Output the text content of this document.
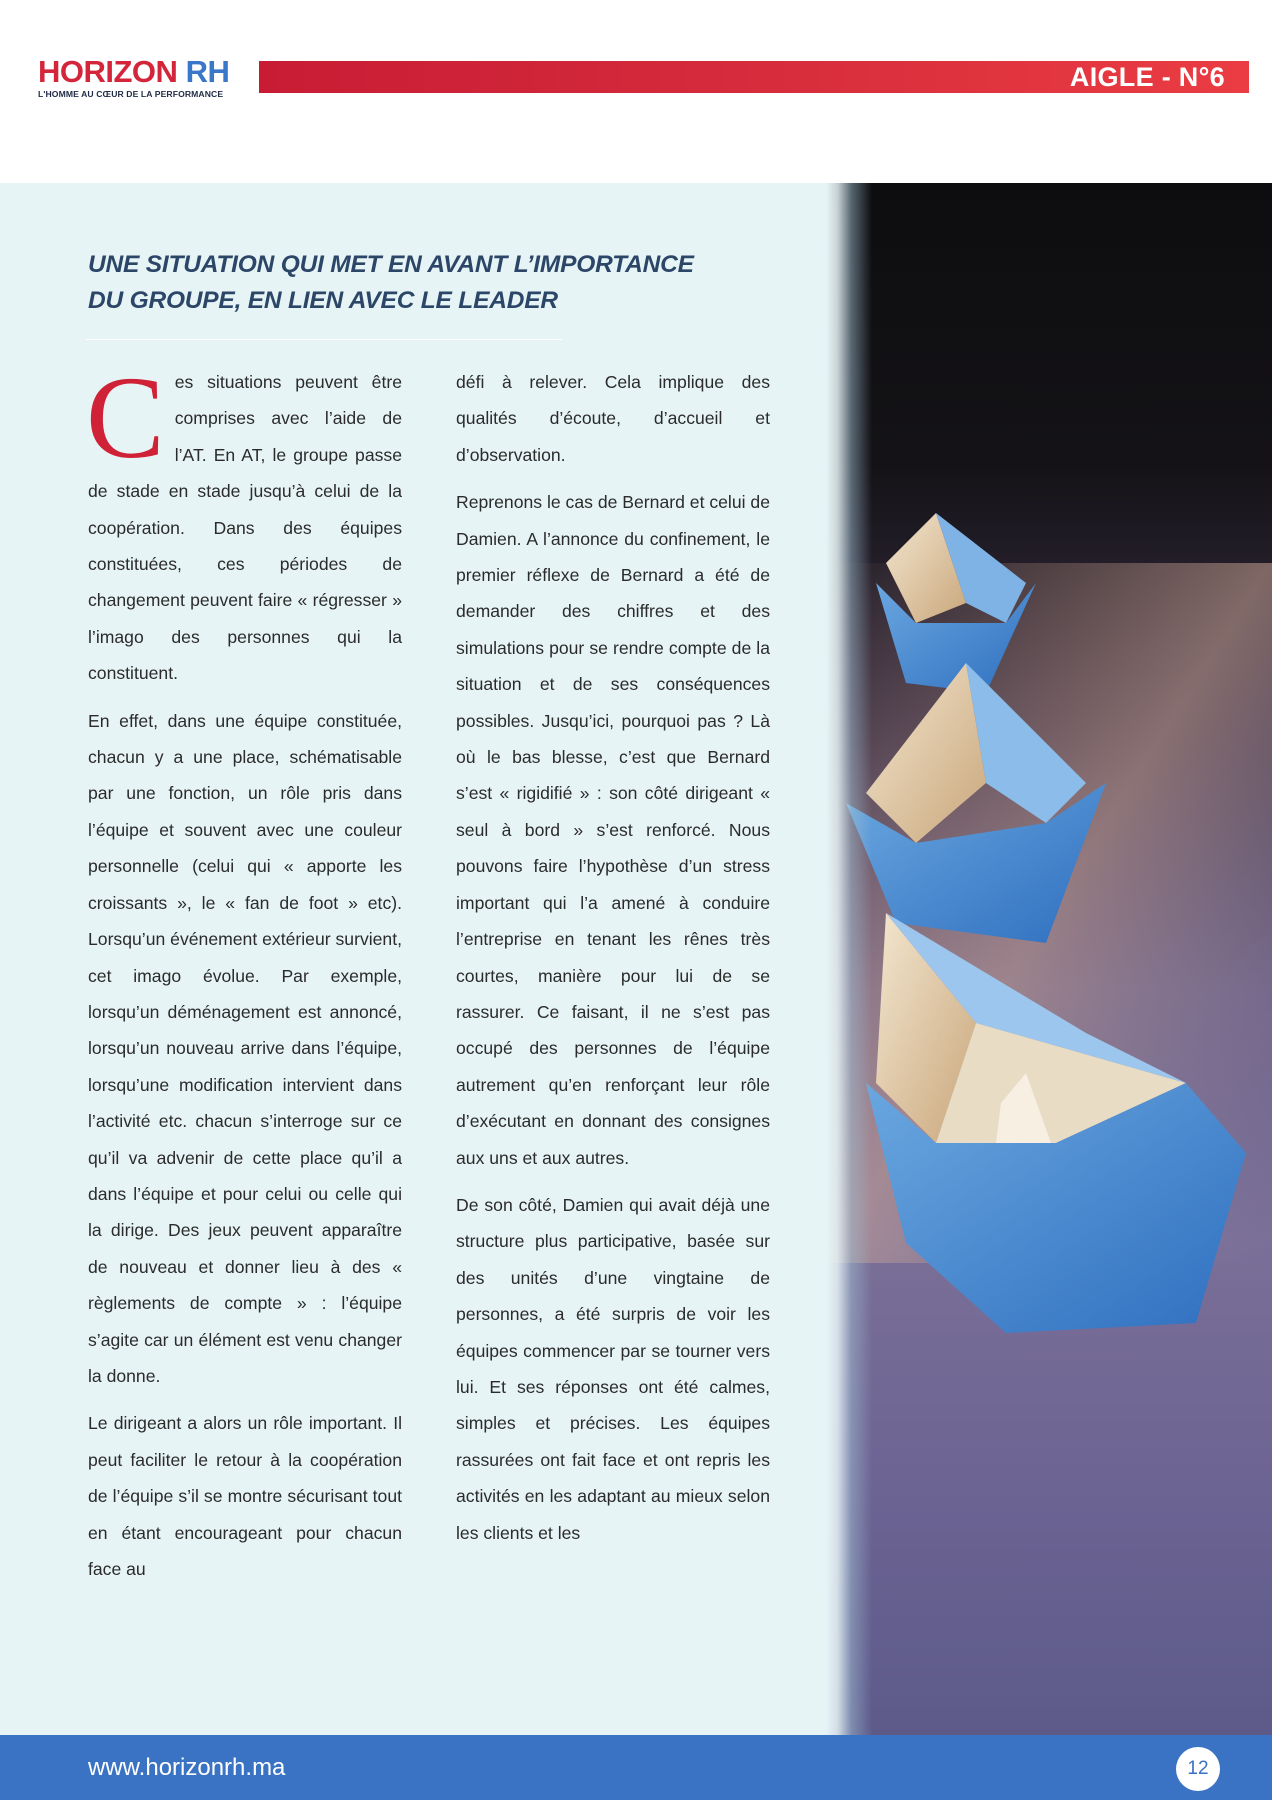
HORIZON RH
L'HOMME AU CŒUR DE LA PERFORMANCE
AIGLE - N°6
UNE SITUATION QUI MET EN AVANT L’IMPORTANCE
DU GROUPE, EN LIEN AVEC LE LEADER

Ces situations peuvent être comprises avec l’aide de l’AT. En AT, le groupe passe de stade en stade jusqu’à celui de la coopération. Dans des équipes constituées, ces périodes de changement peuvent faire « régresser » l’imago des personnes qui la constituent.

En effet, dans une équipe constituée, chacun y a une place, schématisable par une fonction, un rôle pris dans l’équipe et souvent avec une couleur personnelle (celui qui « apporte les croissants », le « fan de foot » etc). Lorsqu’un événement extérieur survient, cet imago évolue. Par exemple, lorsqu’un déménagement est annoncé, lorsqu’un nouveau arrive dans l’équipe, lorsqu’une modification intervient dans l’activité etc. chacun s’interroge sur ce qu’il va advenir de cette place qu’il a dans l’équipe et pour celui ou celle qui la dirige. Des jeux peuvent apparaître de nouveau et donner lieu à des « règlements de compte » : l’équipe s’agite car un élément est venu changer la donne.

Le dirigeant a alors un rôle important. Il peut faciliter le retour à la coopération de l’équipe s’il se montre sécurisant tout en étant encourageant pour chacun face au

défi à relever. Cela implique des qualités d’écoute, d’accueil et d’observation.

Reprenons le cas de Bernard et celui de Damien. A l’annonce du confinement, le premier réflexe de Bernard a été de demander des chiffres et des simulations pour se rendre compte de la situation et de ses conséquences possibles. Jusqu’ici, pourquoi pas ? Là où le bas blesse, c’est que Bernard s’est « rigidifié » : son côté dirigeant « seul à bord » s’est renforcé. Nous pouvons faire l’hypothèse d’un stress important qui l’a amené à conduire l’entreprise en tenant les rênes très courtes, manière pour lui de se rassurer. Ce faisant, il ne s’est pas occupé des personnes de l’équipe autrement qu’en renforçant leur rôle d’exécutant en donnant des consignes aux uns et aux autres.

De son côté, Damien qui avait déjà une structure plus participative, basée sur des unités d’une vingtaine de personnes, a été surpris de voir les équipes commencer par se tourner vers lui. Et ses réponses ont été calmes, simples et précises. Les équipes rassurées ont fait face et ont repris les activités en les adaptant au mieux selon les clients et les

www.horizonrh.ma	12
